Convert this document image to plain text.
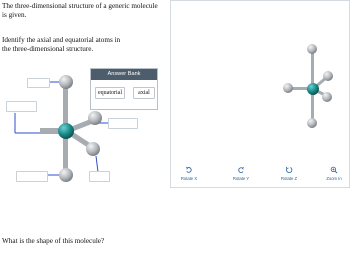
The three-dimensional structure of a generic molecule is given.
Identify the axial and equatorial atoms in the three-dimensional structure.
Answer Bank
equatorial	axial
What is the shape of this molecule?
Rotate X	Rotate Y	Rotate Z	Zoom In
